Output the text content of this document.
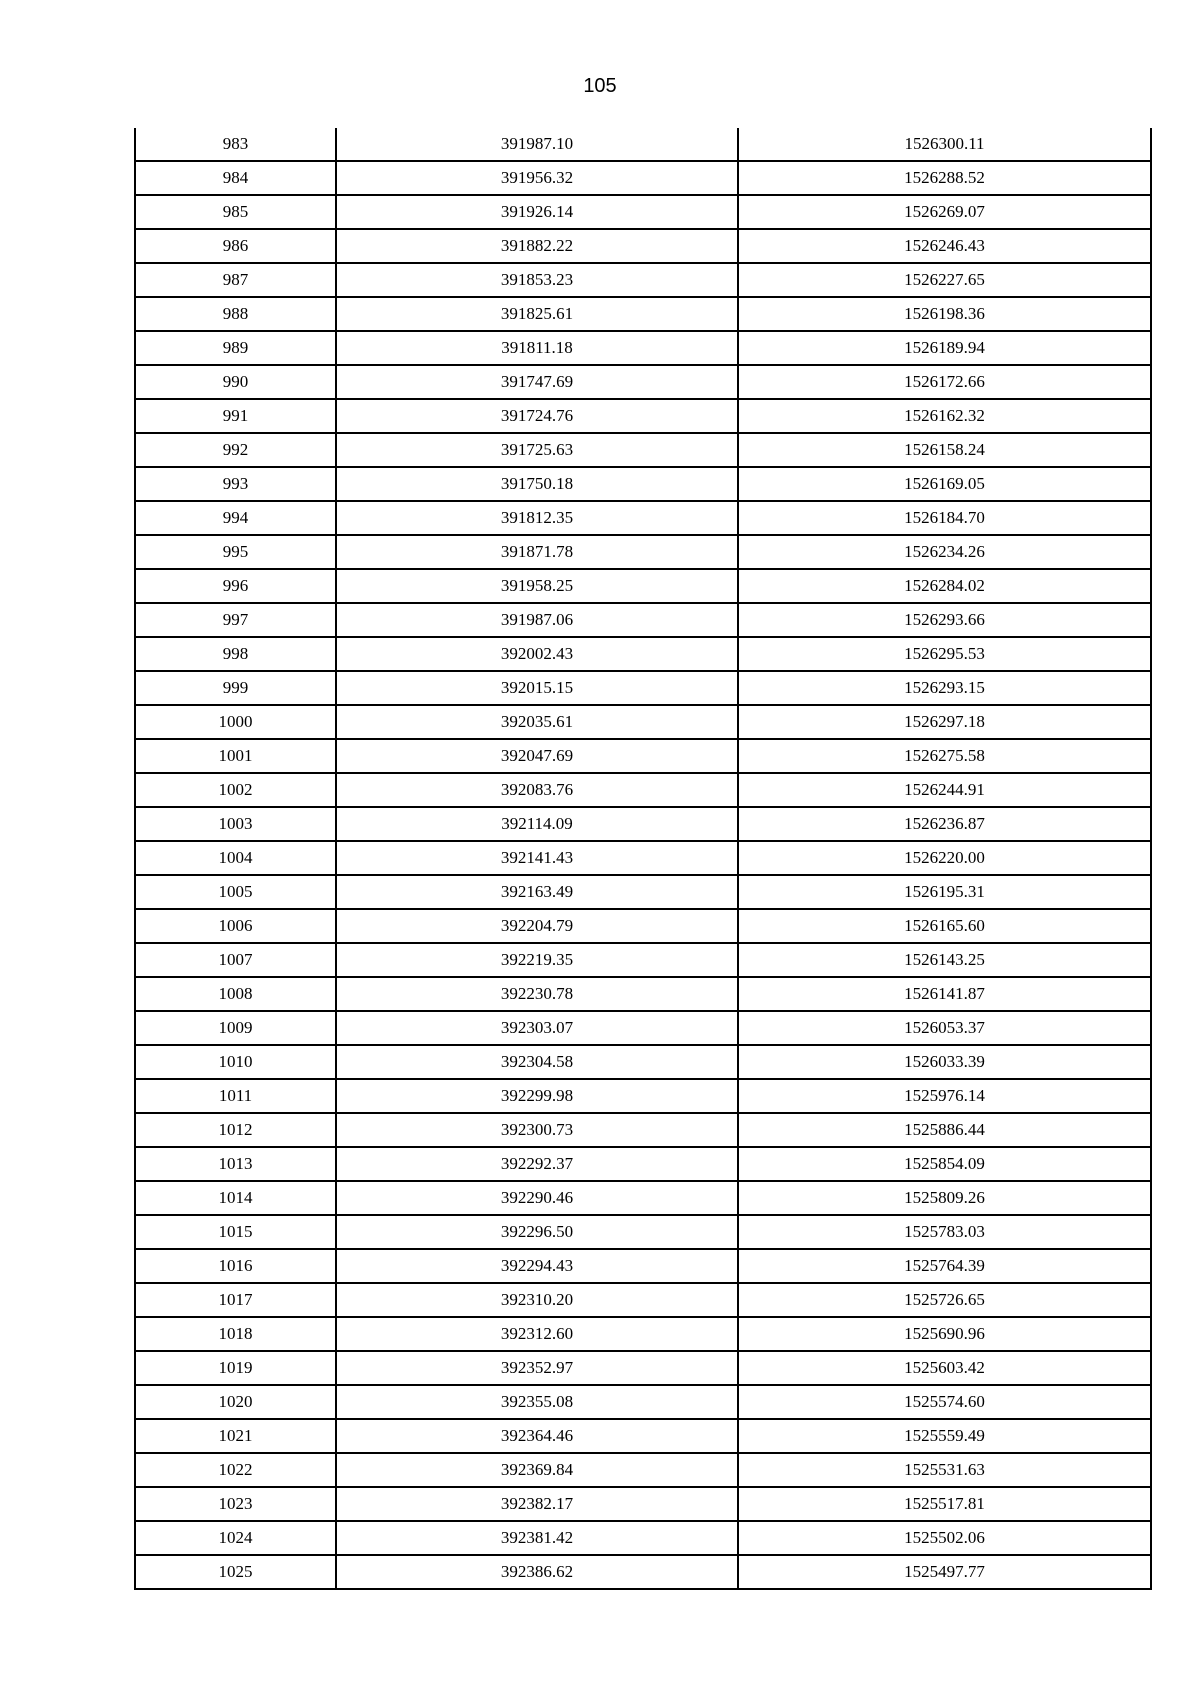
105
983	391987.10	1526300.11
984	391956.32	1526288.52
985	391926.14	1526269.07
986	391882.22	1526246.43
987	391853.23	1526227.65
988	391825.61	1526198.36
989	391811.18	1526189.94
990	391747.69	1526172.66
991	391724.76	1526162.32
992	391725.63	1526158.24
993	391750.18	1526169.05
994	391812.35	1526184.70
995	391871.78	1526234.26
996	391958.25	1526284.02
997	391987.06	1526293.66
998	392002.43	1526295.53
999	392015.15	1526293.15
1000	392035.61	1526297.18
1001	392047.69	1526275.58
1002	392083.76	1526244.91
1003	392114.09	1526236.87
1004	392141.43	1526220.00
1005	392163.49	1526195.31
1006	392204.79	1526165.60
1007	392219.35	1526143.25
1008	392230.78	1526141.87
1009	392303.07	1526053.37
1010	392304.58	1526033.39
1011	392299.98	1525976.14
1012	392300.73	1525886.44
1013	392292.37	1525854.09
1014	392290.46	1525809.26
1015	392296.50	1525783.03
1016	392294.43	1525764.39
1017	392310.20	1525726.65
1018	392312.60	1525690.96
1019	392352.97	1525603.42
1020	392355.08	1525574.60
1021	392364.46	1525559.49
1022	392369.84	1525531.63
1023	392382.17	1525517.81
1024	392381.42	1525502.06
1025	392386.62	1525497.77
